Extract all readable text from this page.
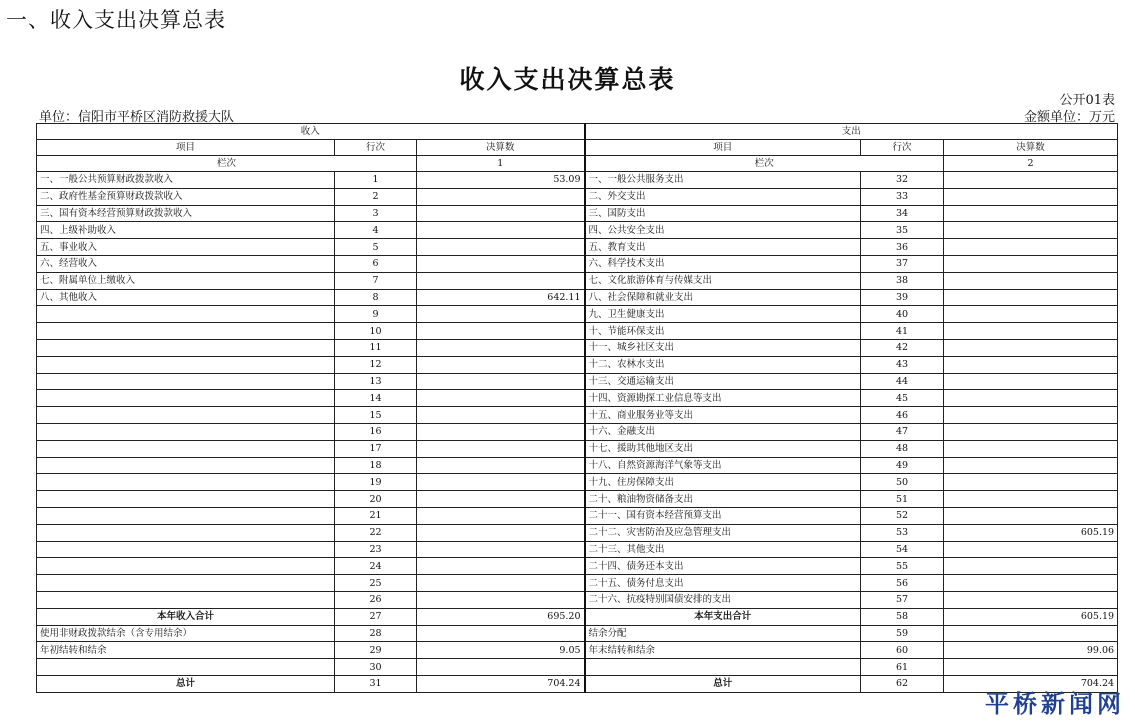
一、收入支出决算总表
收入支出决算总表
公开01表
单位：信阳市平桥区消防救援大队	金额单位：万元
收入			支出		
项目	行次	决算数	项目	行次	决算数
栏次		1	栏次		2
一、一般公共预算财政拨款收入	1	53.09	一、一般公共服务支出	32	
二、政府性基金预算财政拨款收入	2		二、外交支出	33	
三、国有资本经营预算财政拨款收入	3		三、国防支出	34	
四、上级补助收入	4		四、公共安全支出	35	
五、事业收入	5		五、教育支出	36	
六、经营收入	6		六、科学技术支出	37	
七、附属单位上缴收入	7		七、文化旅游体育与传媒支出	38	
八、其他收入	8	642.11	八、社会保障和就业支出	39	
	9		九、卫生健康支出	40	
	10		十、节能环保支出	41	
	11		十一、城乡社区支出	42	
	12		十二、农林水支出	43	
	13		十三、交通运输支出	44	
	14		十四、资源勘探工业信息等支出	45	
	15		十五、商业服务业等支出	46	
	16		十六、金融支出	47	
	17		十七、援助其他地区支出	48	
	18		十八、自然资源海洋气象等支出	49	
	19		十九、住房保障支出	50	
	20		二十、粮油物资储备支出	51	
	21		二十一、国有资本经营预算支出	52	
	22		二十二、灾害防治及应急管理支出	53	605.19
	23		二十三、其他支出	54	
	24		二十四、债务还本支出	55	
	25		二十五、债务付息支出	56	
	26		二十六、抗疫特别国债安排的支出	57	
本年收入合计	27	695.20	本年支出合计	58	605.19
使用非财政拨款结余（含专用结余）	28		结余分配	59	
年初结转和结余	29	9.05	年末结转和结余	60	99.06
	30			61	
总计	31	704.24	总计	62	704.24
平桥新闻网
